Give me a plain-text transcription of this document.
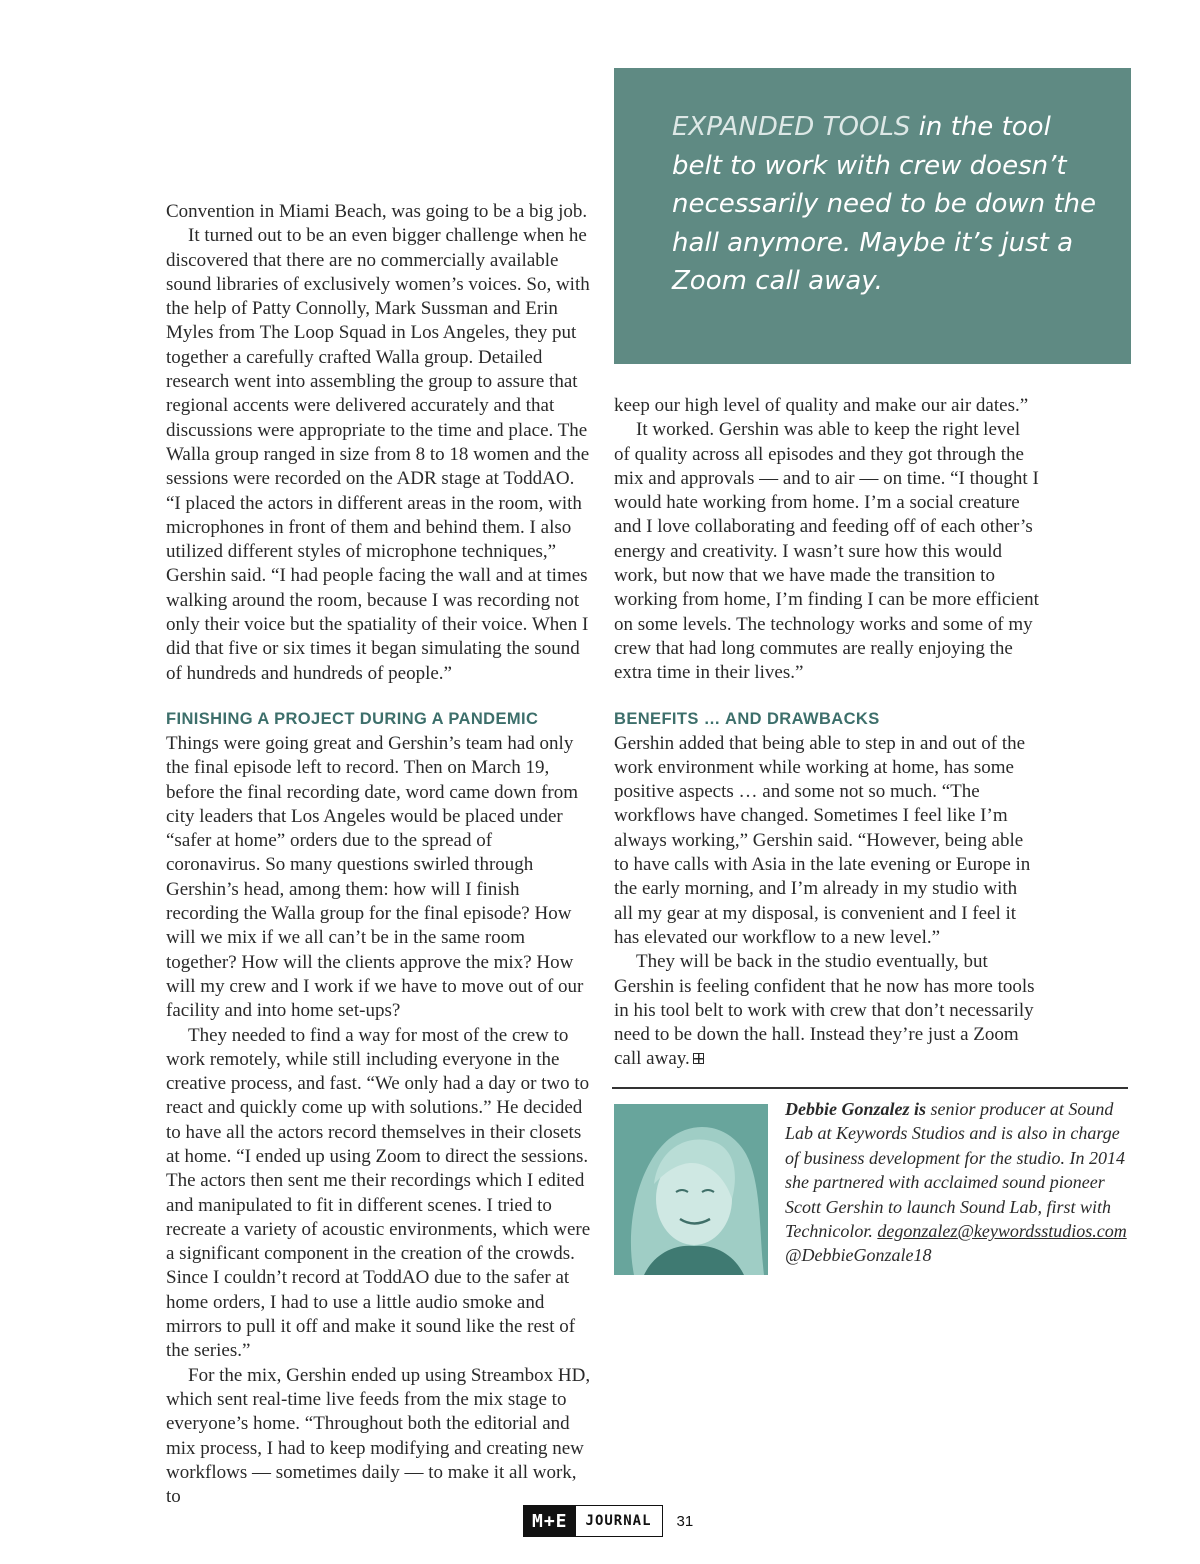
EXPANDED TOOLS in the tool belt to work with crew doesn’t necessarily need to be down the hall anymore. Maybe it’s just a Zoom call away.

Convention in Miami Beach, was going to be a big job.

It turned out to be an even bigger challenge when he discovered that there are no commercially available sound libraries of exclusively women’s voices. So, with the help of Patty Connolly, Mark Sussman and Erin Myles from The Loop Squad in Los Angeles, they put together a carefully crafted Walla group. Detailed research went into assembling the group to assure that regional accents were delivered accurately and that discussions were appropriate to the time and place. The Walla group ranged in size from 8 to 18 women and the sessions were recorded on the ADR stage at ToddAO. “I placed the actors in different areas in the room, with microphones in front of them and behind them. I also utilized different styles of microphone techniques,” Gershin said. “I had people facing the wall and at times walking around the room, because I was recording not only their voice but the spatiality of their voice. When I did that five or six times it began simulating the sound of hundreds and hundreds of people.”

FINISHING A PROJECT DURING A PANDEMIC

Things were going great and Gershin’s team had only the final episode left to record. Then on March 19, before the final recording date, word came down from city leaders that Los Angeles would be placed under “safer at home” orders due to the spread of coronavirus. So many questions swirled through Gershin’s head, among them: how will I finish recording the Walla group for the final episode? How will we mix if we all can’t be in the same room together? How will the clients approve the mix? How will my crew and I work if we have to move out of our facility and into home set-ups?

They needed to find a way for most of the crew to work remotely, while still including everyone in the creative process, and fast. “We only had a day or two to react and quickly come up with solutions.” He decided to have all the actors record themselves in their closets at home. “I ended up using Zoom to direct the sessions. The actors then sent me their recordings which I edited and manipulated to fit in different scenes. I tried to recreate a variety of acoustic environments, which were a significant component in the creation of the crowds. Since I couldn’t record at ToddAO due to the safer at home orders, I had to use a little audio smoke and mirrors to pull it off and make it sound like the rest of the series.”

For the mix, Gershin ended up using Streambox HD, which sent real-time live feeds from the mix stage to everyone’s home. “Throughout both the editorial and mix process, I had to keep modifying and creating new workflows — sometimes daily — to make it all work, to

keep our high level of quality and make our air dates.”

It worked. Gershin was able to keep the right level of quality across all episodes and they got through the mix and approvals — and to air — on time. “I thought I would hate working from home. I’m a social creature and I love collaborating and feeding off of each other’s energy and creativity. I wasn’t sure how this would work, but now that we have made the transition to working from home, I’m finding I can be more efficient on some levels. The technology works and some of my crew that had long commutes are really enjoying the extra time in their lives.”

BENEFITS … AND DRAWBACKS

Gershin added that being able to step in and out of the work environment while working at home, has some positive aspects … and some not so much. “The workflows have changed. Sometimes I feel like I’m always working,” Gershin said. “However, being able to have calls with Asia in the late evening or Europe in the early morning, and I’m already in my studio with all my gear at my disposal, is convenient and I feel it has elevated our workflow to a new level.”

They will be back in the studio eventually, but Gershin is feeling confident that he now has more tools in his tool belt to work with crew that don’t necessarily need to be down the hall. Instead they’re just a Zoom call away.

Debbie Gonzalez is senior producer at Sound Lab at Keywords Studios and is also in charge of business development for the studio. In 2014 she partnered with acclaimed sound pioneer Scott Gershin to launch Sound Lab, first with Technicolor. degonzalez@keywordsstudios.com
@DebbieGonzale18
M+E	JOURNAL	31
